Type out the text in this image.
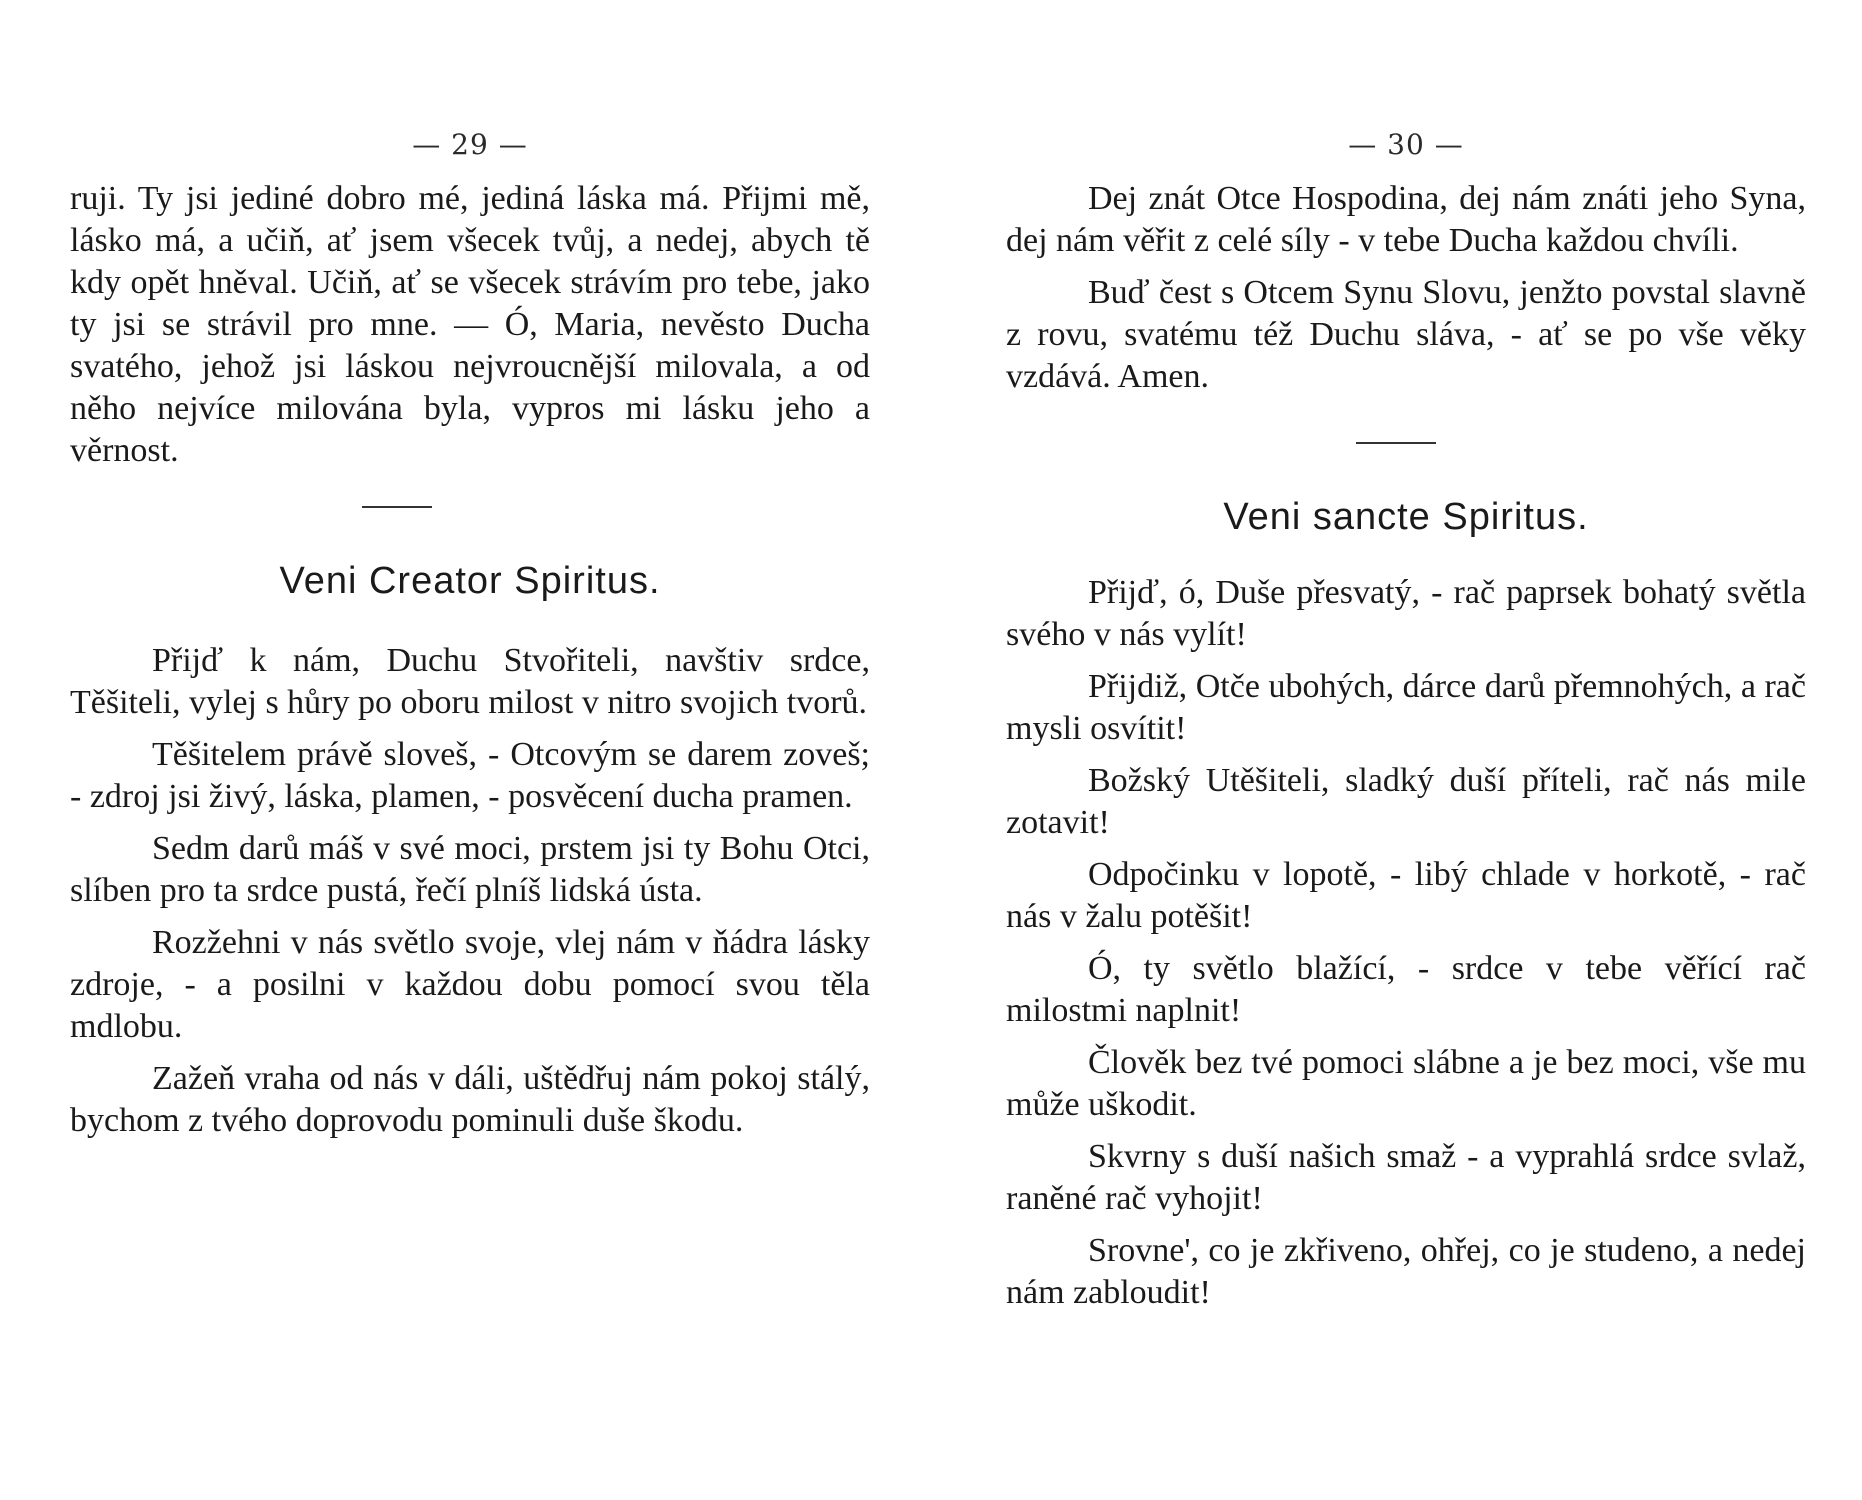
— 29 —

ruji. Ty jsi jediné dobro mé, jediná láska má. Přijmi mě, lásko má, a učiň, ať jsem všecek tvůj, a nedej, abych tě kdy opět hněval. Učiň, ať se všecek strávím pro tebe, jako ty jsi se strávil pro mne. — Ó, Maria, nevěsto Ducha svatého, jehož jsi láskou nejvroucnější milovala, a od něho nejvíce milována byla, vypros mi lásku jeho a věrnost.

Veni Creator Spiritus.

Přijď k nám, Duchu Stvořiteli, navštiv srdce, Těšiteli, vylej s hůry po oboru milost v nitro svojich tvorů.

Těšitelem právě sloveš, - Otcovým se darem zoveš; - zdroj jsi živý, láska, plamen, - posvěcení ducha pramen.

Sedm darů máš v své moci, prstem jsi ty Bohu Otci, slíben pro ta srdce pustá, řečí plníš lidská ústa.

Rozžehni v nás světlo svoje, vlej nám v ňádra lásky zdroje, - a posilni v každou dobu pomocí svou těla mdlobu.

Zažeň vraha od nás v dáli, uštědřuj nám pokoj stálý, bychom z tvého doprovodu pominuli duše škodu.

— 30 —

Dej znát Otce Hospodina, dej nám znáti jeho Syna, dej nám věřit z celé síly - v tebe Ducha každou chvíli.

Buď čest s Otcem Synu Slovu, jenžto povstal slavně z rovu, svatému též Duchu sláva, - ať se po vše věky vzdává. Amen.

Veni sancte Spiritus.

Přijď, ó, Duše přesvatý, - rač paprsek bohatý světla svého v nás vylít!

Přijdiž, Otče ubohých, dárce darů přemnohých, a rač mysli osvítit!

Božský Utěšiteli, sladký duší příteli, rač nás mile zotavit!

Odpočinku v lopotě, - libý chlade v horkotě, - rač nás v žalu potěšit!

Ó, ty světlo blažící, - srdce v tebe věřící rač milostmi naplnit!

Člověk bez tvé pomoci slábne a je bez moci, vše mu může uškodit.

Skvrny s duší našich smaž - a vyprahlá srdce svlaž, raněné rač vyhojit!

Srovne', co je zkřiveno, ohřej, co je studeno, a nedej nám zabloudit!
